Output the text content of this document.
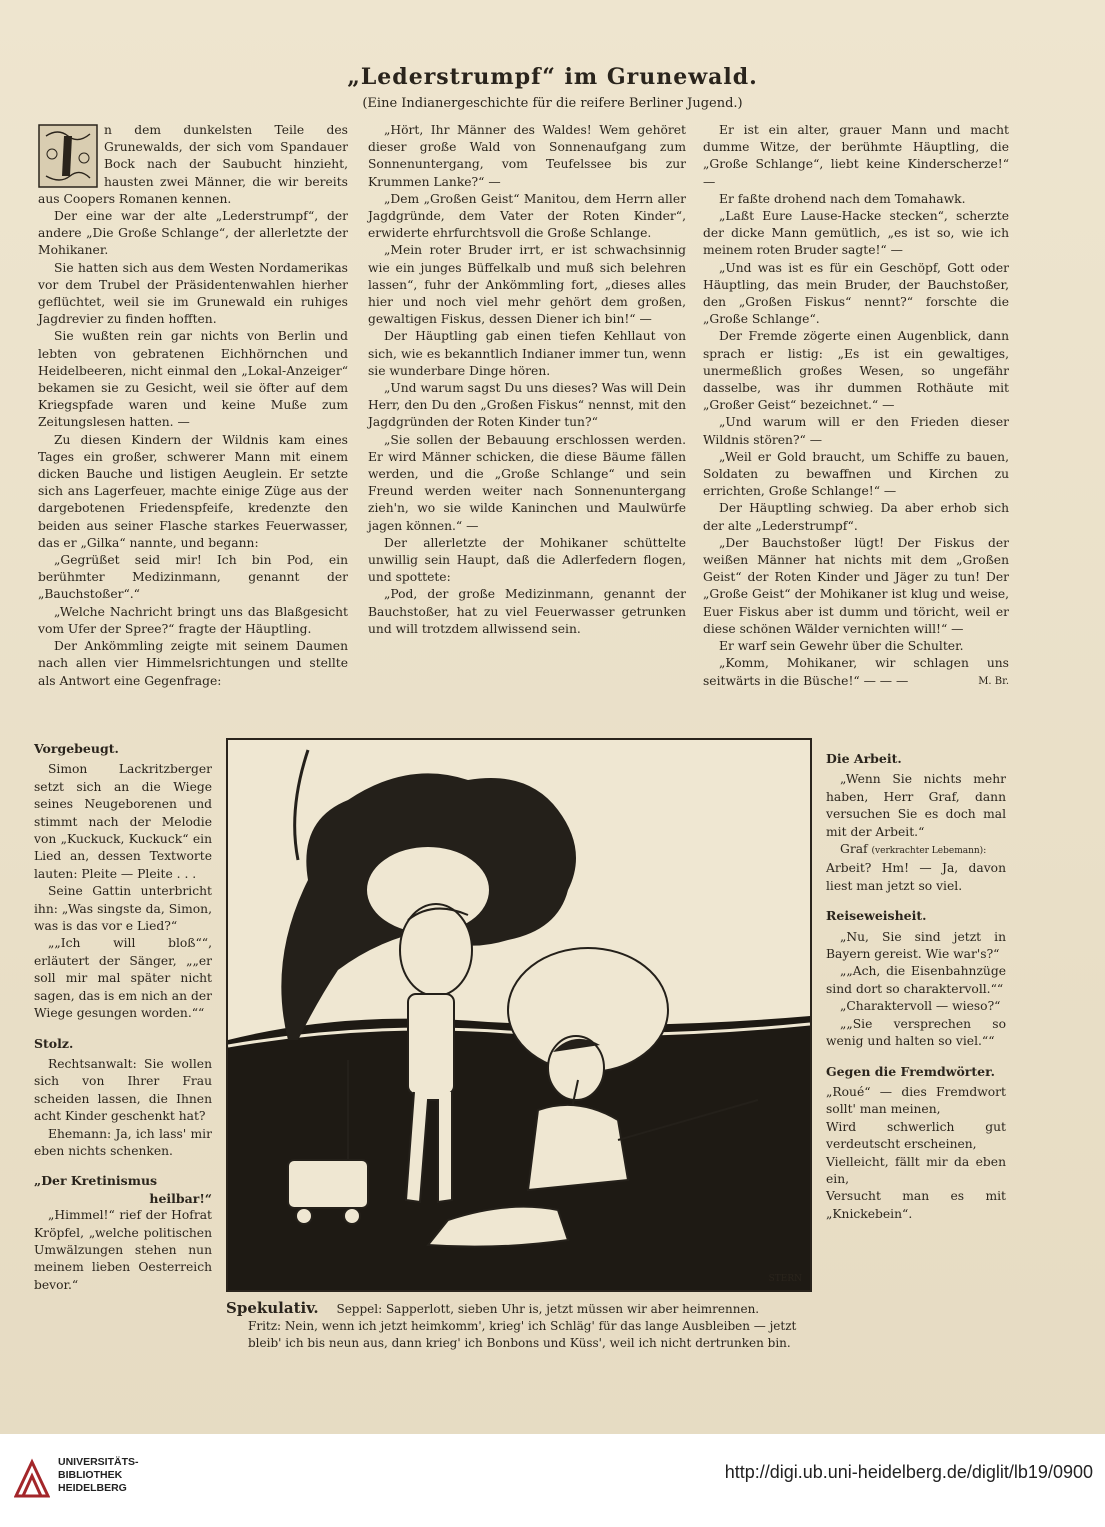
„Lederstrumpf“ im Grunewald.
(Eine Indianergeschichte für die reifere Berliner Jugend.)

n dem dunkelsten Teile des Grunewalds, der sich vom Spandauer Bock nach der Saubucht hinzieht, hausten zwei Männer, die wir bereits aus Coopers Romanen kennen.

Der eine war der alte „Lederstrumpf“, der andere „Die Große Schlange“, der allerletzte der Mohikaner.

Sie hatten sich aus dem Westen Nordamerikas vor dem Trubel der Präsidentenwahlen hierher geflüchtet, weil sie im Grunewald ein ruhiges Jagdrevier zu finden hofften.

Sie wußten rein gar nichts von Berlin und lebten von gebratenen Eichhörnchen und Heidelbeeren, nicht einmal den „Lokal-Anzeiger“ bekamen sie zu Gesicht, weil sie öfter auf dem Kriegspfade waren und keine Muße zum Zeitungslesen hatten. —

Zu diesen Kindern der Wildnis kam eines Tages ein großer, schwerer Mann mit einem dicken Bauche und listigen Aeuglein. Er setzte sich ans Lagerfeuer, machte einige Züge aus der dargebotenen Friedenspfeife, kredenzte den beiden aus seiner Flasche starkes Feuerwasser, das er „Gilka“ nannte, und begann:

„Gegrüßet seid mir! Ich bin Pod, ein berühmter Medizinmann, genannt der „Bauchstoßer“.“

„Welche Nachricht bringt uns das Blaßgesicht vom Ufer der Spree?“ fragte der Häuptling.

Der Ankömmling zeigte mit seinem Daumen nach allen vier Himmelsrichtungen und stellte als Antwort eine Gegenfrage:

„Hört, Ihr Männer des Waldes! Wem gehöret dieser große Wald von Sonnenaufgang zum Sonnenuntergang, vom Teufelssee bis zur Krummen Lanke?“ —

„Dem „Großen Geist“ Manitou, dem Herrn aller Jagdgründe, dem Vater der Roten Kinder“, erwiderte ehrfurchtsvoll die Große Schlange.

„Mein roter Bruder irrt, er ist schwachsinnig wie ein junges Büffelkalb und muß sich belehren lassen“, fuhr der Ankömmling fort, „dieses alles hier und noch viel mehr gehört dem großen, gewaltigen Fiskus, dessen Diener ich bin!“ —

Der Häuptling gab einen tiefen Kehllaut von sich, wie es bekanntlich Indianer immer tun, wenn sie wunderbare Dinge hören.

„Und warum sagst Du uns dieses? Was will Dein Herr, den Du den „Großen Fiskus“ nennst, mit den Jagdgründen der Roten Kinder tun?“

„Sie sollen der Bebauung erschlossen werden. Er wird Männer schicken, die diese Bäume fällen werden, und die „Große Schlange“ und sein Freund werden weiter nach Sonnenuntergang zieh'n, wo sie wilde Kaninchen und Maulwürfe jagen können.“ —

Der allerletzte der Mohikaner schüttelte unwillig sein Haupt, daß die Adlerfedern flogen, und spottete:

„Pod, der große Medizinmann, genannt der Bauchstoßer, hat zu viel Feuerwasser getrunken und will trotzdem allwissend sein.

Er ist ein alter, grauer Mann und macht dumme Witze, der berühmte Häuptling, die „Große Schlange“, liebt keine Kinderscherze!“ —

Er faßte drohend nach dem Tomahawk.

„Laßt Eure Lause-Hacke stecken“, scherzte der dicke Mann gemütlich, „es ist so, wie ich meinem roten Bruder sagte!“ —

„Und was ist es für ein Geschöpf, Gott oder Häuptling, das mein Bruder, der Bauchstoßer, den „Großen Fiskus“ nennt?“ forschte die „Große Schlange“.

Der Fremde zögerte einen Augenblick, dann sprach er listig: „Es ist ein gewaltiges, unermeßlich großes Wesen, so ungefähr dasselbe, was ihr dummen Rothäute mit „Großer Geist“ bezeichnet.“ —

„Und warum will er den Frieden dieser Wildnis stören?“ —

„Weil er Gold braucht, um Schiffe zu bauen, Soldaten zu bewaffnen und Kirchen zu errichten, Große Schlange!“ —

Der Häuptling schwieg. Da aber erhob sich der alte „Lederstrumpf“.

„Der Bauchstoßer lügt! Der Fiskus der weißen Männer hat nichts mit dem „Großen Geist“ der Roten Kinder und Jäger zu tun! Der „Große Geist“ der Mohikaner ist klug und weise, Euer Fiskus aber ist dumm und töricht, weil er diese schönen Wälder vernichten will!“ —

Er warf sein Gewehr über die Schulter.

„Komm, Mohikaner, wir schlagen uns seitwärts in die Büsche!“ — — —	M. Br.

Vorgebeugt.

Simon Lackritzberger setzt sich an die Wiege seines Neugeborenen und stimmt nach der Melodie von „Kuckuck, Kuckuck“ ein Lied an, dessen Textworte lauten: Pleite — Pleite . . .

Seine Gattin unterbricht ihn: „Was singste da, Simon, was is das vor e Lied?“

„„Ich will bloß““, erläutert der Sänger, „„er soll mir mal später nicht sagen, das is em nich an der Wiege gesungen worden.““

Stolz.

Rechtsanwalt: Sie wollen sich von Ihrer Frau scheiden lassen, die Ihnen acht Kinder geschenkt hat?

Ehemann: Ja, ich lass' mir eben nichts schenken.

„Der Kretinismus

heilbar!“

„Himmel!“ rief der Hofrat Kröpfel, „welche politischen Umwälzungen stehen nun meinem lieben Oesterreich bevor.“	STERN
Spekulativ. Seppel: Sapperlott, sieben Uhr is, jetzt müssen wir aber heimrennen.
Fritz: Nein, wenn ich jetzt heimkomm', krieg' ich Schläg' für das lange Ausbleiben — jetzt bleib' ich bis neun aus, dann krieg' ich Bonbons und Küss', weil ich nicht dertrunken bin.
Die Arbeit.

„Wenn Sie nichts mehr haben, Herr Graf, dann versuchen Sie es doch mal mit der Arbeit.“

Graf (verkrachter Lebemann):

Arbeit? Hm! — Ja, davon liest man jetzt so viel.

Reiseweisheit.

„Nu, Sie sind jetzt in Bayern gereist. Wie war's?“

„„Ach, die Eisenbahnzüge sind dort so charaktervoll.““

„Charaktervoll — wieso?“

„„Sie versprechen so wenig und halten so viel.““

Gegen die Fremdwörter.

„Roué“ — dies Fremdwort sollt' man meinen,

Wird schwerlich gut verdeutscht erscheinen,

Vielleicht, fällt mir da eben ein,

Versucht man es mit „Knickebein“.

UNIVERSITÄTS-
BIBLIOTHEK
HEIDELBERG
http://digi.ub.uni-heidelberg.de/diglit/lb19/0900
